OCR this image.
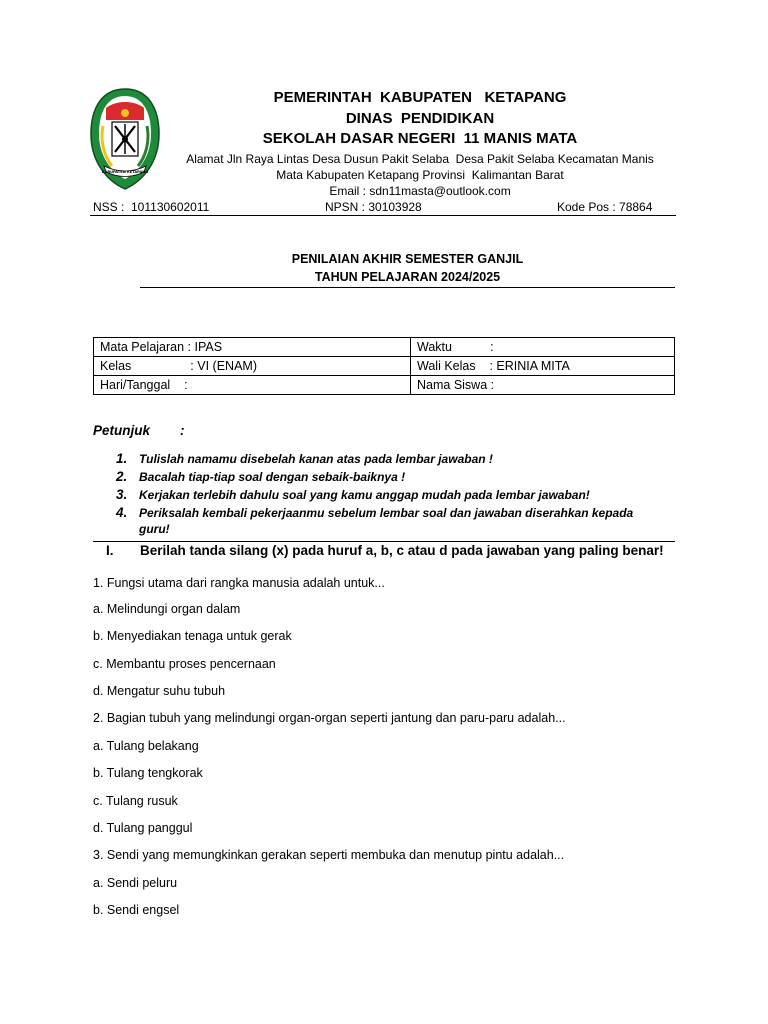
KABUPATEN KETAPANG
PEMERINTAH  KABUPATEN   KETAPANG
DINAS  PENDIDIKAN
SEKOLAH DASAR NEGERI  11 MANIS MATA
Alamat Jln Raya Lintas Desa Dusun Pakit Selaba  Desa Pakit Selaba Kecamatan Manis
Mata Kabupaten Ketapang Provinsi  Kalimantan Barat
Email : sdn11masta@outlook.com
NSS :  101130602011	NPSN : 30103928	Kode Pos : 78864
PENILAIAN AKHIR SEMESTER GANJIL
TAHUN PELAJARAN 2024/2025
Mata Pelajaran : IPAS	Waktu           :
Kelas                 : VI (ENAM)	Wali Kelas    : ERINIA MITA
Hari/Tanggal    :	Nama Siswa :
Petunjuk        :
1. Tulislah namamu disebelah kanan atas pada lembar jawaban !
2. Bacalah tiap-tiap soal dengan sebaik-baiknya !
3. Kerjakan terlebih dahulu soal yang kamu anggap mudah pada lembar jawaban!
4. Periksalah kembali pekerjaanmu sebelum lembar soal dan jawaban diserahkan kepada guru!
I. Berilah tanda silang (x) pada huruf a, b, c atau d pada jawaban yang paling benar!
1. Fungsi utama dari rangka manusia adalah untuk...
a. Melindungi organ dalam
b. Menyediakan tenaga untuk gerak
c. Membantu proses pencernaan
d. Mengatur suhu tubuh
2. Bagian tubuh yang melindungi organ-organ seperti jantung dan paru-paru adalah...
a. Tulang belakang
b. Tulang tengkorak
c. Tulang rusuk
d. Tulang panggul
3. Sendi yang memungkinkan gerakan seperti membuka dan menutup pintu adalah...
a. Sendi peluru
b. Sendi engsel
